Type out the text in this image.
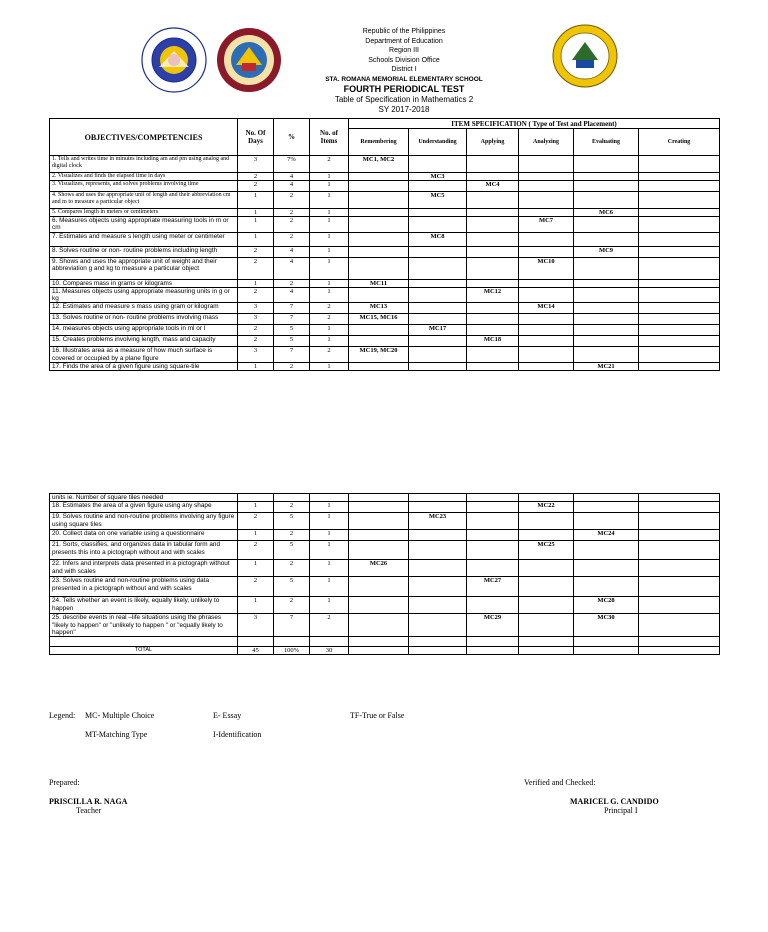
Republic of the Philippines
Department of Education
Region III
Schools Division Office
District I
STA. ROMANA MEMORIAL ELEMENTARY SCHOOL
FOURTH PERIODICAL TEST
Table of Specification in Mathematics 2
SY 2017-2018
OBJECTIVES/COMPETENCIES	No. Of Days	%	No. of Items	ITEM SPECIFICATION ( Type of Test and Placement)					
				Remembering	Understanding	Applying	Analyzing	Evaluating	Creating
1. Tells and writes time in minutes including am and pm using analog and digital clock	3	7%	2	MC1, MC2					
2. Visualizes and finds the elapsed time in days	2	4	1		MC3				
3. Visualizes, represents, and solves problems involving time	2	4	1			MC4			
4. Shows and uses the appropriate unit of length and their abbreviation cm and m to measure a particular object	1	2	1		MC5				
5. Compares length in meters or centimeters	1	2	1					MC6	
6. Measures objects using appropriate measuring tools in m or cm	1	2	1				MC7		
7. Estimates and measure s length using meter or centimeter	1	2	1		MC8				
8. Solves routine or non- routine problems including length	2	4	1					MC9	
9. Shows and uses the appropriate unit of weight and their abbreviation g and kg to measure a particular object	2	4	1				MC10		
10. Compares mass in grams or kilograms	1	2	1	MC11					
11. Measures objects using appropriate measuring units in g or kg	2	4	1			MC12			
12. Estimates and measure s mass using gram or kilogram	3	7	2	MC13			MC14		
13. Solves routine or non- routine problems involving mass	3	7	2	MC15, MC16					
14. measures objects using appropriate tools in ml or l	2	5	1		MC17				
15. Creates problems involving length, mass and capacity	2	5	1			MC18			
16. Illustrates area as a measure of how much surface is covered or occupied by a plane figure	3	7	2	MC19, MC20					
17. Finds the area of a given figure using square-tile	1	2	1					MC21	
units ie. Number of square tiles needed									
18. Estimates the area of a given figure using any shape	1	2	1				MC22		
19. Solves routine and non-routine problems involving any figure using square tiles	2	5	1		MC23				
20. Collect data on one variable using a questionnaire	1	2	1					MC24	
21. Sorts, classifies, and organizes data in tabular form and presents this into a pictograph without and with scales	2	5	1				MC25		
22. Infers and interprets data presented in a pictograph without and with scales	1	2	1	MC26					
23. Solves routine and non-routine problems using data presented in a pictograph without and with scales	2	5	1			MC27			
24. Tells whether an event is likely, equally likely, unlikely to happen	1	2	1					MC28	
25. describe events in real –life situations using the phrases "likely to happen" or "unlikely to happen " or "equally likely to happen"	3	7	2			MC29		MC30	

TOTAL	45	100%	30						
Legend: MC- Multiple Choice	E- Essay	TF-True or False
MT-Matching Type	I-Identification
Prepared:
PRISCILLA R. NAGA
Teacher
Verified and Checked:
MARICEL G. CANDIDO
Principal I
